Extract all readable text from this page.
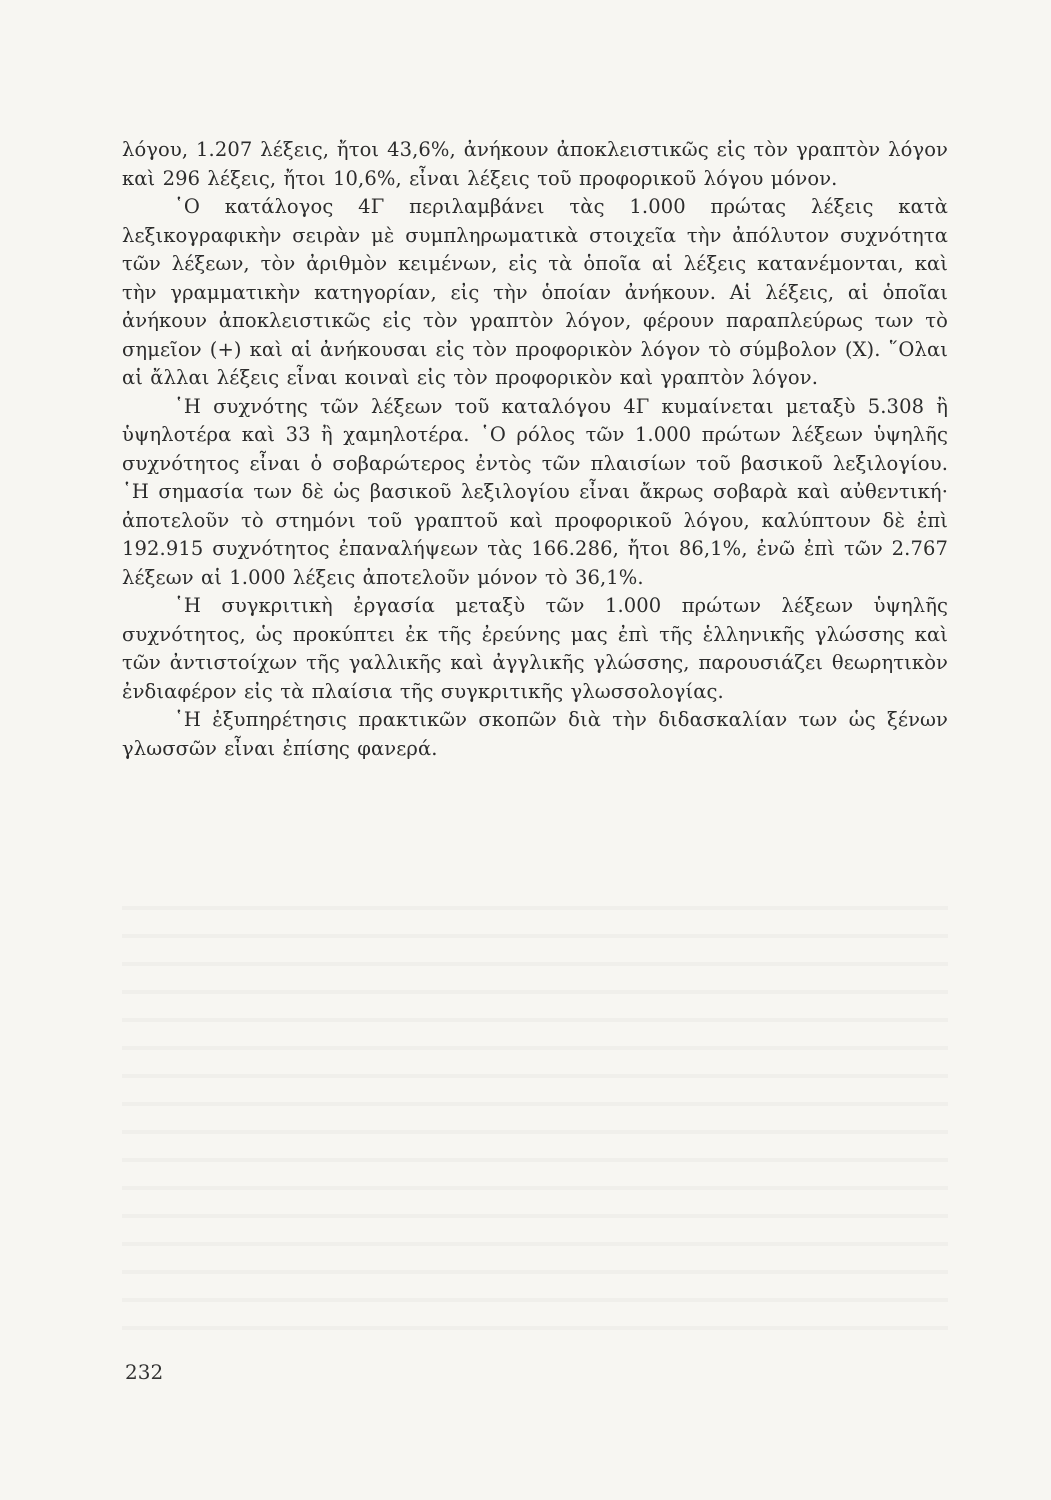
λόγου, 1.207 λέξεις, ἤτοι 43,6%, ἀνήκουν ἀποκλειστικῶς εἰς τὸν γραπτὸν λόγον καὶ 296 λέξεις, ἤτοι 10,6%, εἶναι λέξεις τοῦ προφορικοῦ λόγου μόνον.

῾Ο κατάλογος 4Γ περιλαμβάνει τὰς 1.000 πρώτας λέξεις κατὰ λεξικογραφικὴν σειρὰν μὲ συμπληρωματικὰ στοιχεῖα τὴν ἀπόλυτον συχνότητα τῶν λέξεων, τὸν ἀριθμὸν κειμένων, εἰς τὰ ὁποῖα αἱ λέξεις κατανέμονται, καὶ τὴν γραμματικὴν κατηγορίαν, εἰς τὴν ὁποίαν ἀνήκουν. Αἱ λέξεις, αἱ ὁποῖαι ἀνήκουν ἀποκλειστικῶς εἰς τὸν γραπτὸν λόγον, φέρουν παραπλεύρως των τὸ σημεῖον (+) καὶ αἱ ἀνήκουσαι εἰς τὸν προφορικὸν λόγον τὸ σύμβολον (Χ). ῞Ολαι αἱ ἄλλαι λέξεις εἶναι κοιναὶ εἰς τὸν προφορικὸν καὶ γραπτὸν λόγον.

῾Η συχνότης τῶν λέξεων τοῦ καταλόγου 4Γ κυμαίνεται μεταξὺ 5.308 ἢ ὑψηλοτέρα καὶ 33 ἢ χαμηλοτέρα. ῾Ο ρόλος τῶν 1.000 πρώτων λέξεων ὑψηλῆς συχνότητος εἶναι ὁ σοβαρώτερος ἐντὸς τῶν πλαισίων τοῦ βασικοῦ λεξιλογίου. ῾Η σημασία των δὲ ὡς βασικοῦ λεξιλογίου εἶναι ἄκρως σοβαρὰ καὶ αὐθεντική· ἀποτελοῦν τὸ στημόνι τοῦ γραπτοῦ καὶ προφορικοῦ λόγου, καλύπτουν δὲ ἐπὶ 192.915 συχνότητος ἐπαναλήψεων τὰς 166.286, ἤτοι 86,1%, ἐνῶ ἐπὶ τῶν 2.767 λέξεων αἱ 1.000 λέξεις ἀποτελοῦν μόνον τὸ 36,1%.

῾Η συγκριτικὴ ἐργασία μεταξὺ τῶν 1.000 πρώτων λέξεων ὑψηλῆς συχνότητος, ὡς προκύπτει ἐκ τῆς ἐρεύνης μας ἐπὶ τῆς ἑλληνικῆς γλώσσης καὶ τῶν ἀντιστοίχων τῆς γαλλικῆς καὶ ἀγγλικῆς γλώσσης, παρουσιάζει θεωρητικὸν ἐνδιαφέρον εἰς τὰ πλαίσια τῆς συγκριτικῆς γλωσσολογίας.

῾Η ἐξυπηρέτησις πρακτικῶν σκοπῶν διὰ τὴν διδασκαλίαν των ὡς ξένων γλωσσῶν εἶναι ἐπίσης φανερά.

232
